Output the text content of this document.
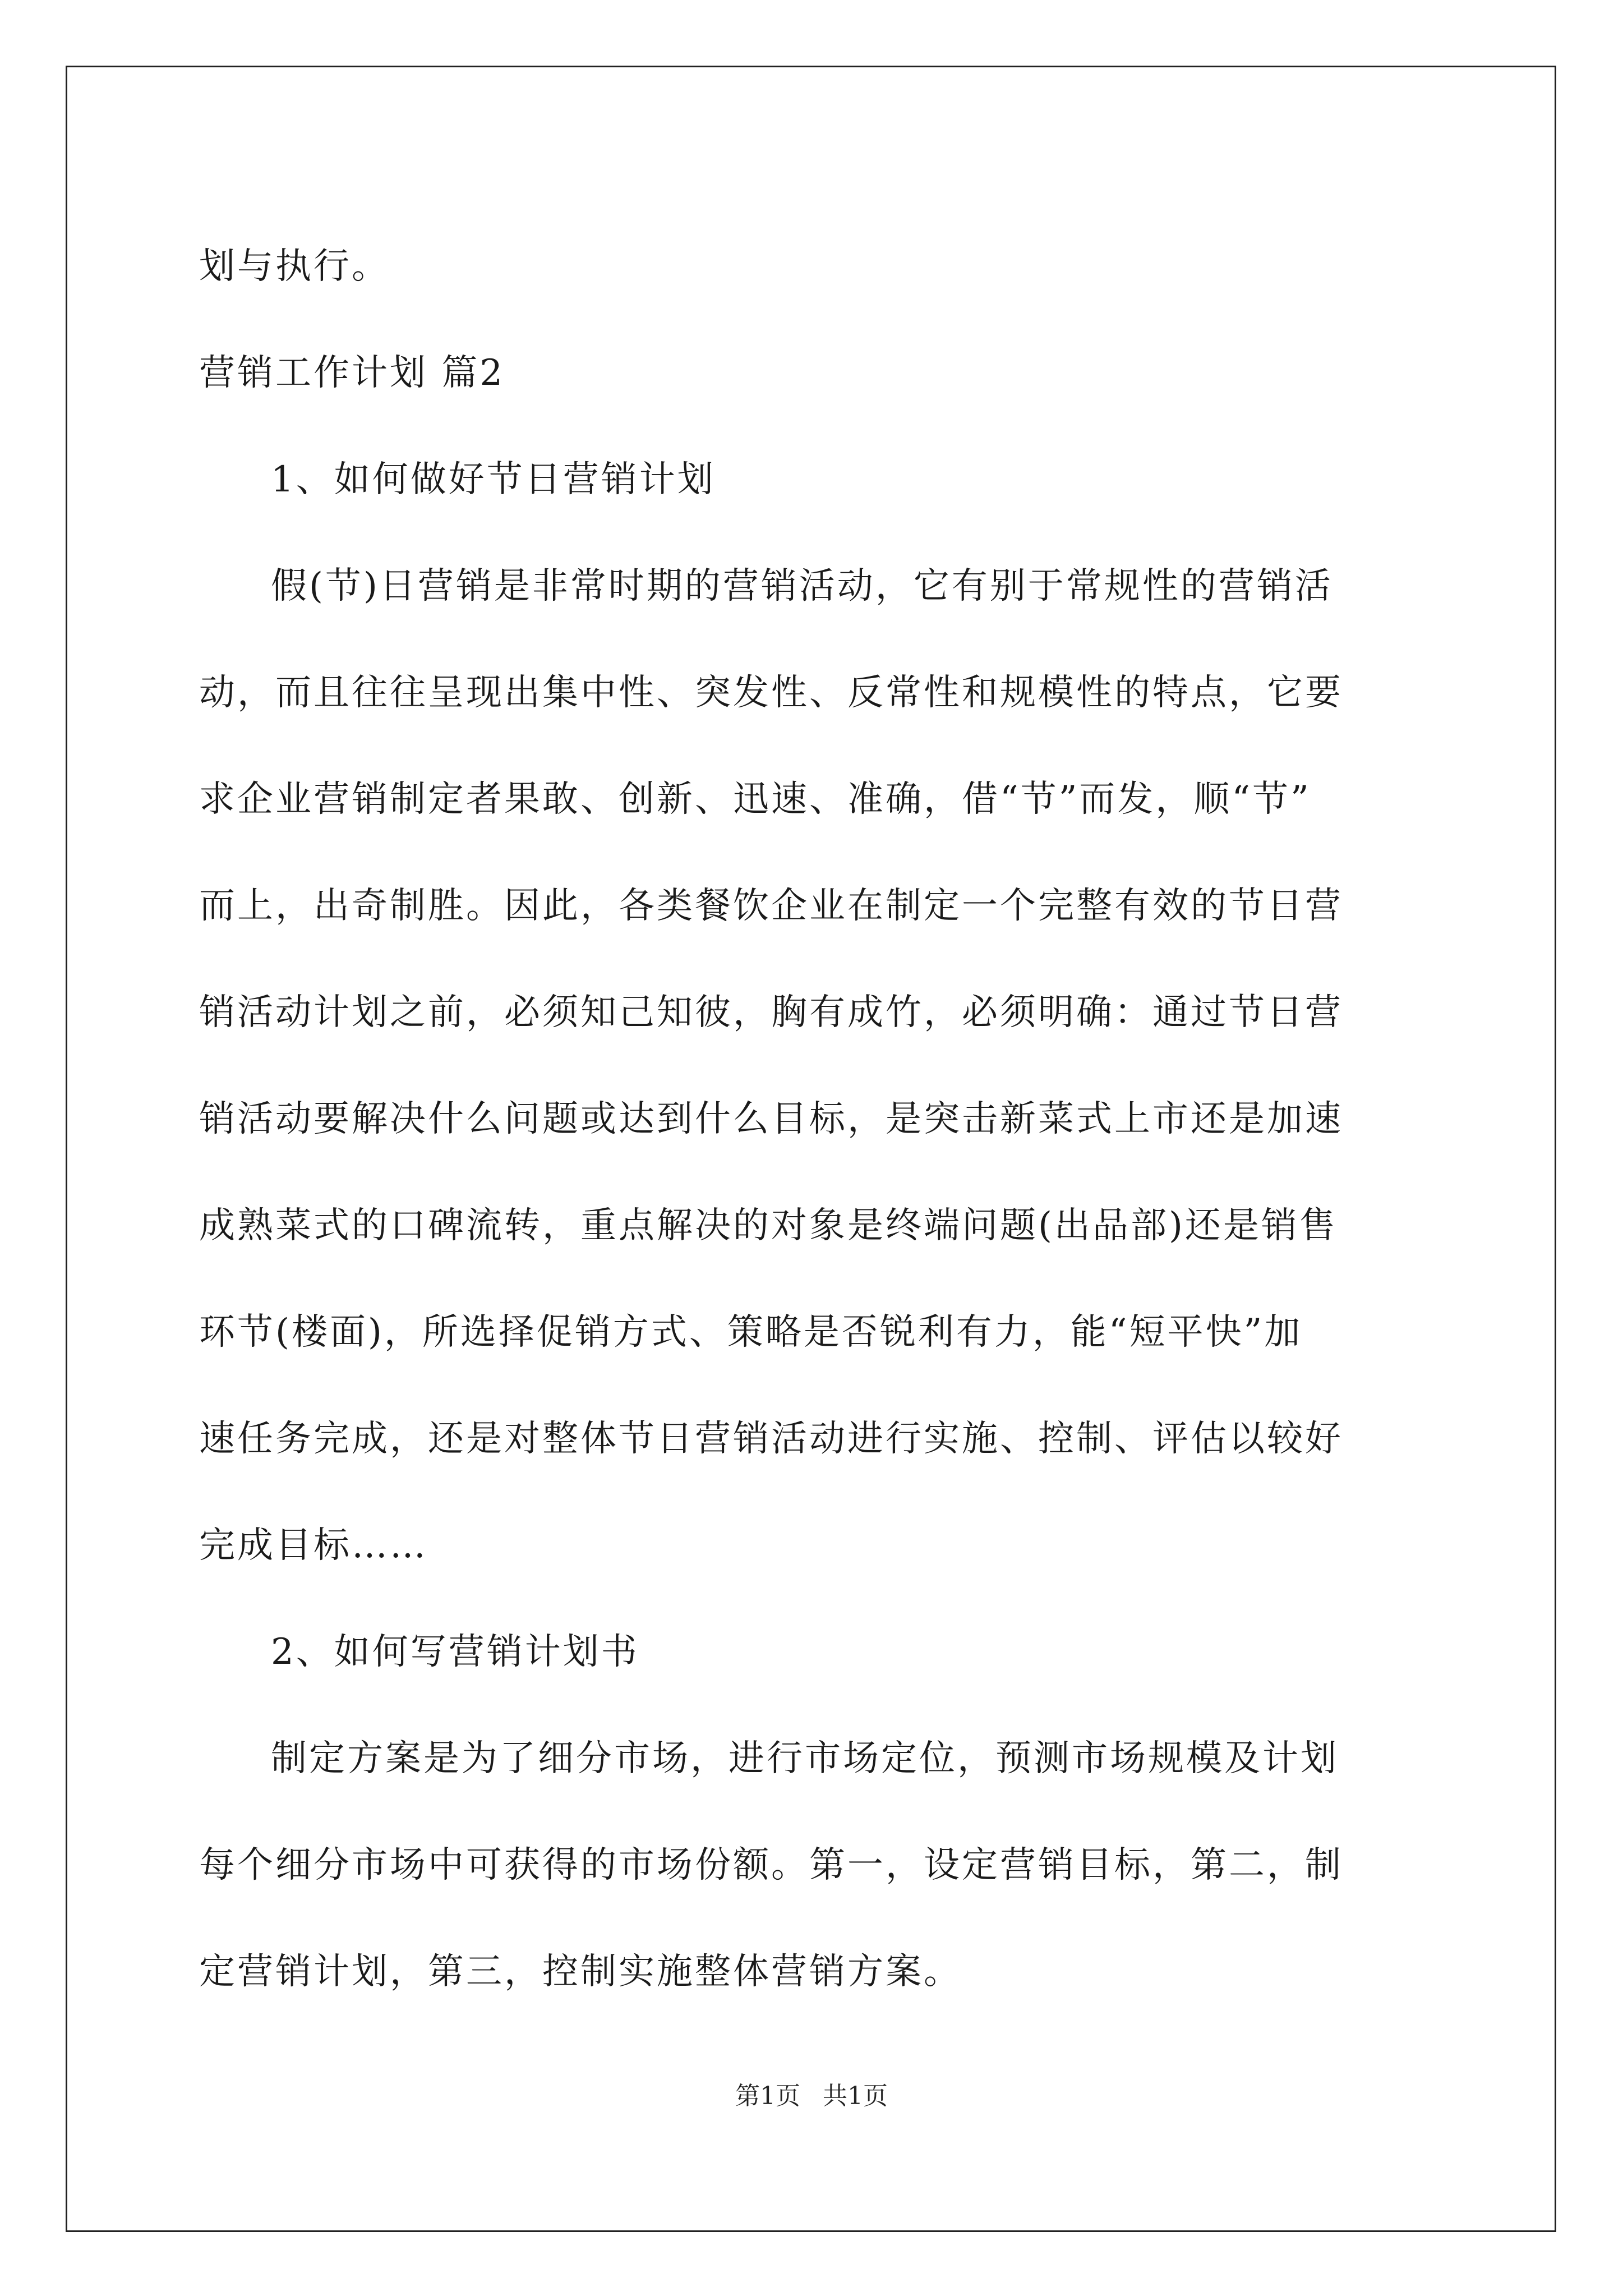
划与执行。
营销工作计划 篇2
1、如何做好节日营销计划
假(节)日营销是非常时期的营销活动，它有别于常规性的营销活
动，而且往往呈现出集中性、突发性、反常性和规模性的特点，它要
求企业营销制定者果敢、创新、迅速、准确，借“节”而发，顺“节”
而上，出奇制胜。因此，各类餐饮企业在制定一个完整有效的节日营
销活动计划之前，必须知己知彼，胸有成竹，必须明确：通过节日营
销活动要解决什么问题或达到什么目标，是突击新菜式上市还是加速
成熟菜式的口碑流转，重点解决的对象是终端问题(出品部)还是销售
环节(楼面)，所选择促销方式、策略是否锐利有力，能“短平快”加
速任务完成，还是对整体节日营销活动进行实施、控制、评估以较好
完成目标……
2、如何写营销计划书
制定方案是为了细分市场，进行市场定位，预测市场规模及计划
每个细分市场中可获得的市场份额。第一，设定营销目标，第二，制
定营销计划，第三，控制实施整体营销方案。
第1页 共1页
